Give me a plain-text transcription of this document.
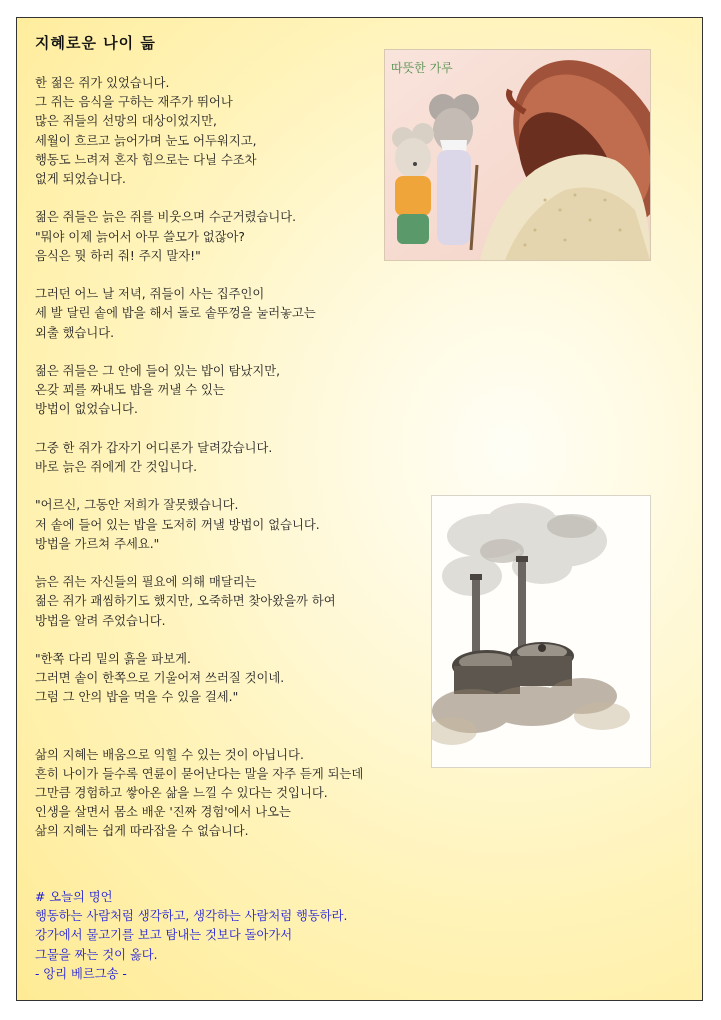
지혜로운 나이 듦
한 젊은 쥐가 있었습니다.
그 쥐는 음식을 구하는 재주가 뛰어나
많은 쥐들의 선망의 대상이었지만,
세월이 흐르고 늙어가며 눈도 어두워지고,
행동도 느려져 혼자 힘으로는 다닐 수조차
없게 되었습니다.
젊은 쥐들은 늙은 쥐를 비웃으며 수군거렸습니다.
"뭐야 이제 늙어서 아무 쓸모가 없잖아?
음식은 뭣 하러 줘! 주지 말자!"
그러던 어느 날 저녁, 쥐들이 사는 집주인이
세 발 달린 솥에 밥을 해서 돌로 솥뚜껑을 눌러놓고는
외출 했습니다.
젊은 쥐들은 그 안에 들어 있는 밥이 탐났지만,
온갖 꾀를 짜내도 밥을 꺼낼 수 있는
방법이 없었습니다.
그중 한 쥐가 갑자기 어디론가 달려갔습니다.
바로 늙은 쥐에게 간 것입니다.
"어르신, 그동안 저희가 잘못했습니다.
저 솥에 들어 있는 밥을 도저히 꺼낼 방법이 없습니다.
방법을 가르쳐 주세요."
늙은 쥐는 자신들의 필요에 의해 매달리는
젊은 쥐가 괘씸하기도 했지만, 오죽하면 찾아왔을까 하여
방법을 알려 주었습니다.
"한쪽 다리 밑의 흙을 파보게.
그러면 솥이 한쪽으로 기울어져 쓰러질 것이네.
그럼 그 안의 밥을 먹을 수 있을 걸세."
삶의 지혜는 배움으로 익힐 수 있는 것이 아닙니다.
흔히 나이가 들수록 연륜이 묻어난다는 말을 자주 듣게 되는데
그만큼 경험하고 쌓아온 삶을 느낄 수 있다는 것입니다.
인생을 살면서 몸소 배운 '진짜 경험'에서 나오는
삶의 지혜는 쉽게 따라잡을 수 없습니다.
# 오늘의 명언
행동하는 사람처럼 생각하고, 생각하는 사람처럼 행동하라.
강가에서 물고기를 보고 탐내는 것보다 돌아가서
그물을 짜는 것이 옳다.
- 앙리 베르그송 -
따뜻한 가루
